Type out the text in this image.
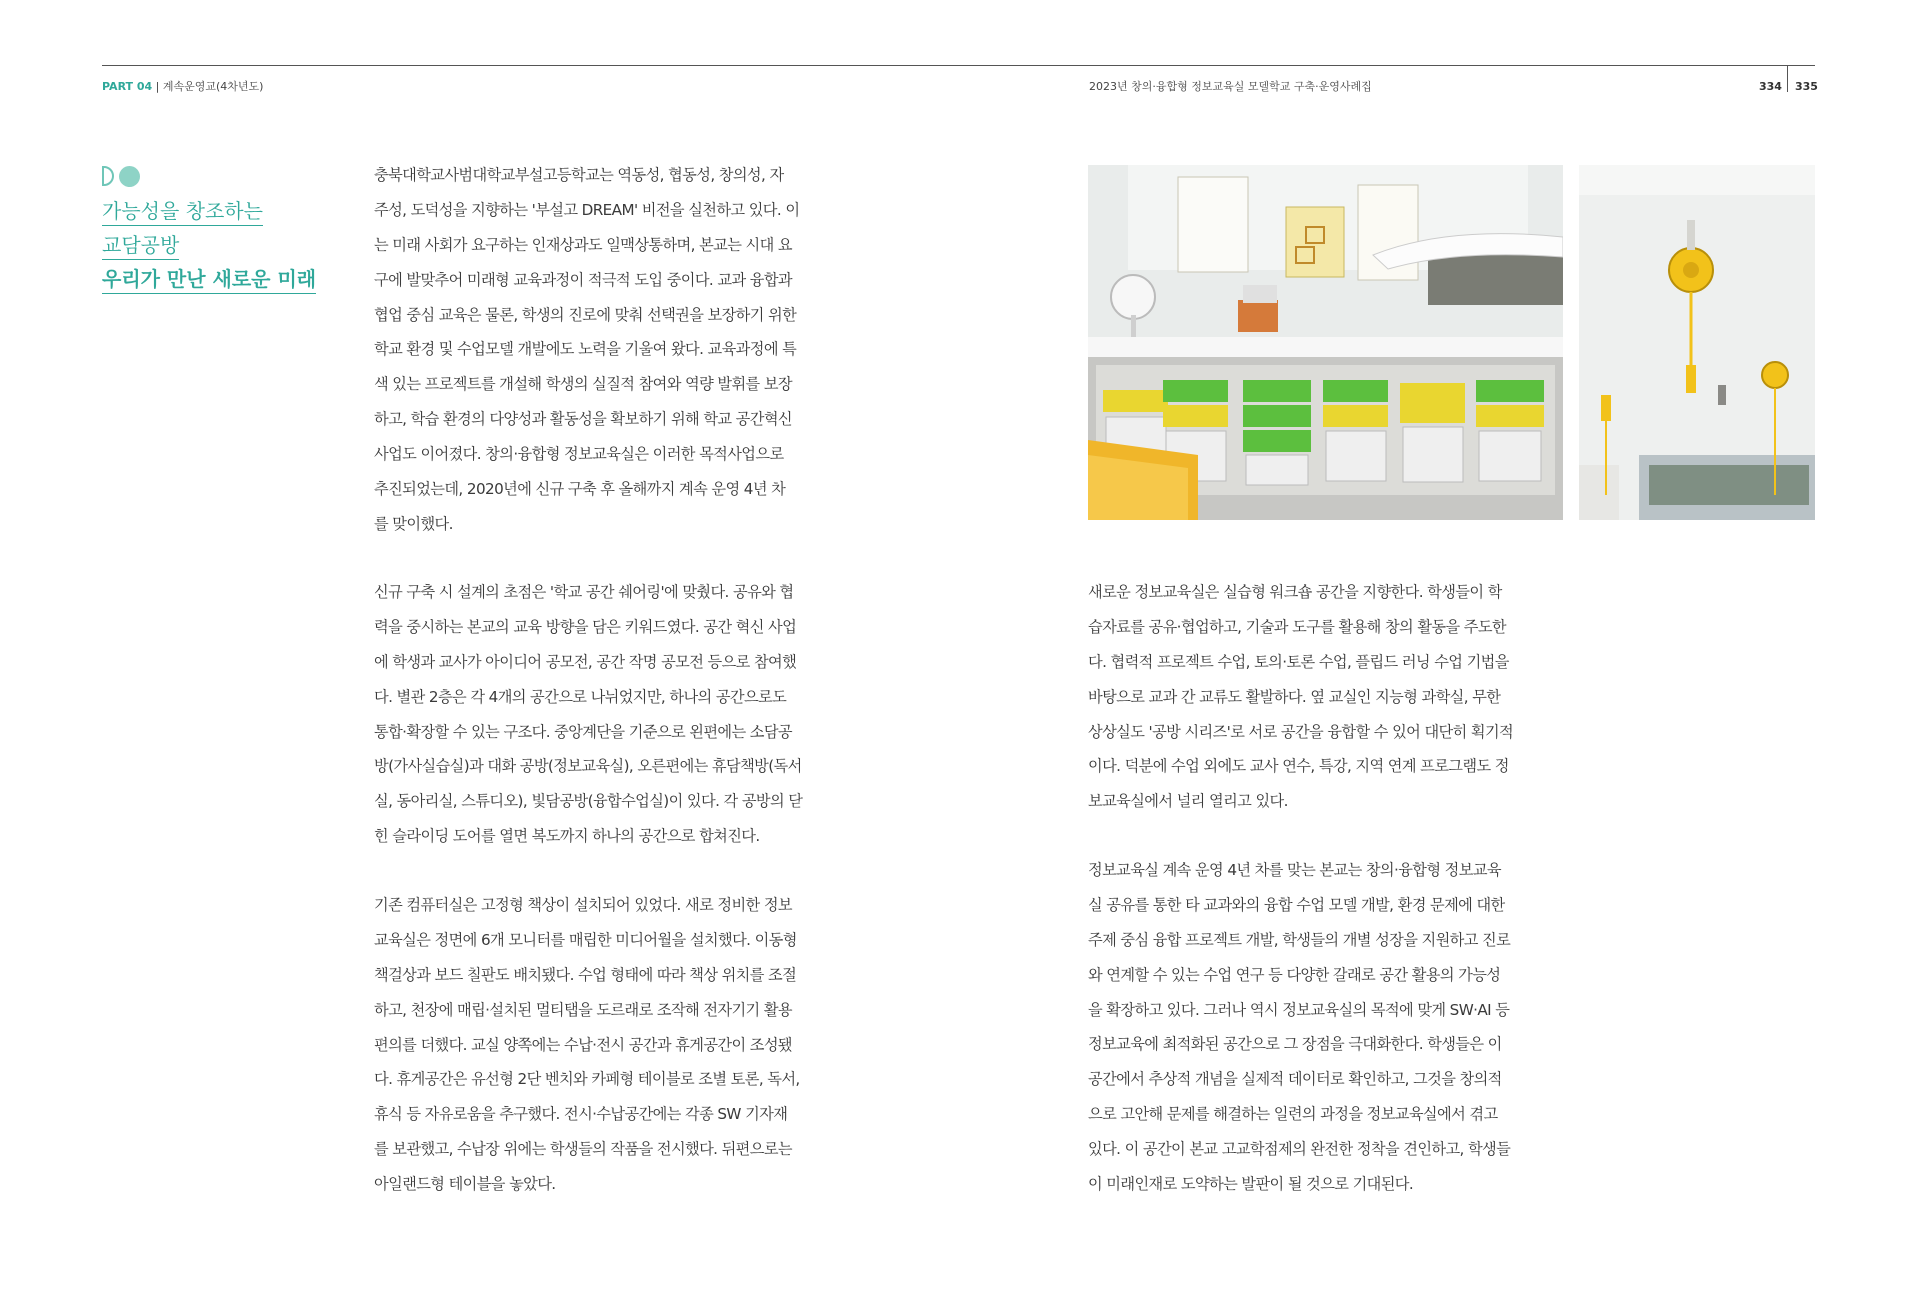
PART 04 | 계속운영교(4차년도)	2023년 창의·융합형 정보교육실 모델학교 구축·운영사례집	334 335
가능성을 창조하는
교담공방
우리가 만난 새로운 미래

충북대학교사범대학교부설고등학교는 역동성, 협동성, 창의성, 자
주성, 도덕성을 지향하는 '부설고 DREAM' 비전을 실천하고 있다. 이
는 미래 사회가 요구하는 인재상과도 일맥상통하며, 본교는 시대 요
구에 발맞추어 미래형 교육과정이 적극적 도입 중이다. 교과 융합과
협업 중심 교육은 물론, 학생의 진로에 맞춰 선택권을 보장하기 위한
학교 환경 및 수업모델 개발에도 노력을 기울여 왔다. 교육과정에 특
색 있는 프로젝트를 개설해 학생의 실질적 참여와 역량 발휘를 보장
하고, 학습 환경의 다양성과 활동성을 확보하기 위해 학교 공간혁신
사업도 이어졌다. 창의·융합형 정보교육실은 이러한 목적사업으로
추진되었는데, 2020년에 신규 구축 후 올해까지 계속 운영 4년 차
를 맞이했다.

신규 구축 시 설계의 초점은 '학교 공간 쉐어링'에 맞췄다. 공유와 협
력을 중시하는 본교의 교육 방향을 담은 키워드였다. 공간 혁신 사업
에 학생과 교사가 아이디어 공모전, 공간 작명 공모전 등으로 참여했
다. 별관 2층은 각 4개의 공간으로 나뉘었지만, 하나의 공간으로도
통합·확장할 수 있는 구조다. 중앙계단을 기준으로 왼편에는 소담공
방(가사실습실)과 대화 공방(정보교육실), 오른편에는 휴담책방(독서
실, 동아리실, 스튜디오), 빛담공방(융합수업실)이 있다. 각 공방의 닫
힌 슬라이딩 도어를 열면 복도까지 하나의 공간으로 합쳐진다.
기존 컴퓨터실은 고정형 책상이 설치되어 있었다. 새로 정비한 정보
교육실은 정면에 6개 모니터를 매립한 미디어월을 설치했다. 이동형
책걸상과 보드 칠판도 배치됐다. 수업 형태에 따라 책상 위치를 조절
하고, 천장에 매립·설치된 멀티탭을 도르래로 조작해 전자기기 활용
편의를 더했다. 교실 양쪽에는 수납·전시 공간과 휴게공간이 조성됐
다. 휴게공간은 유선형 2단 벤치와 카페형 테이블로 조별 토론, 독서,
휴식 등 자유로움을 추구했다. 전시·수납공간에는 각종 SW 기자재
를 보관했고, 수납장 위에는 학생들의 작품을 전시했다. 뒤편으로는
아일랜드형 테이블을 놓았다.
새로운 정보교육실은 실습형 워크숍 공간을 지향한다. 학생들이 학
습자료를 공유·협업하고, 기술과 도구를 활용해 창의 활동을 주도한
다. 협력적 프로젝트 수업, 토의·토론 수업, 플립드 러닝 수업 기법을
바탕으로 교과 간 교류도 활발하다. 옆 교실인 지능형 과학실, 무한
상상실도 '공방 시리즈'로 서로 공간을 융합할 수 있어 대단히 획기적
이다. 덕분에 수업 외에도 교사 연수, 특강, 지역 연계 프로그램도 정
보교육실에서 널리 열리고 있다.
정보교육실 계속 운영 4년 차를 맞는 본교는 창의·융합형 정보교육
실 공유를 통한 타 교과와의 융합 수업 모델 개발, 환경 문제에 대한
주제 중심 융합 프로젝트 개발, 학생들의 개별 성장을 지원하고 진로
와 연계할 수 있는 수업 연구 등 다양한 갈래로 공간 활용의 가능성
을 확장하고 있다. 그러나 역시 정보교육실의 목적에 맞게 SW·AI 등
정보교육에 최적화된 공간으로 그 장점을 극대화한다. 학생들은 이
공간에서 추상적 개념을 실제적 데이터로 확인하고, 그것을 창의적
으로 고안해 문제를 해결하는 일련의 과정을 정보교육실에서 겪고
있다. 이 공간이 본교 고교학점제의 완전한 정착을 견인하고, 학생들
이 미래인재로 도약하는 발판이 될 것으로 기대된다.
